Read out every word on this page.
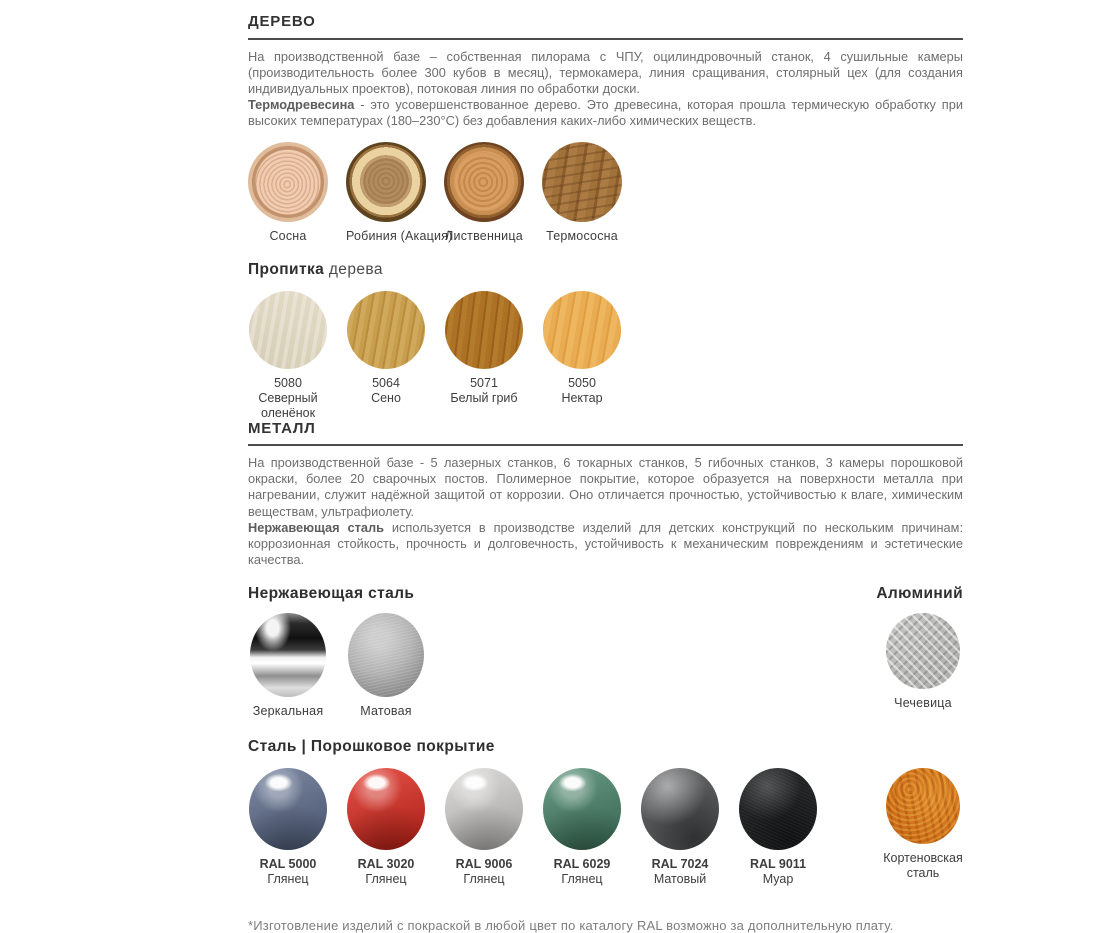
ДЕРЕВО

На производственной базе – собственная пилорама с ЧПУ, оцилиндровочный станок, 4 сушильные камеры (производительность более 300 кубов в месяц), термокамера, линия сращивания, столярный цех (для создания индивидуальных проектов), потоковая линия по обработки доски.

Термодревесина - это усовершенствованное дерево. Это древесина, которая прошла термическую обработку при высоких температурах (180–230°С) без добавления каких-либо химических веществ.

Сосна	Робиния (Акация)
Лиственница	Термососна
Пропитка дерева
5080
Северный оленёнок
5064
Сено
5071
Белый гриб
5050
Нектар
МЕТАЛЛ

На производственной базе - 5 лазерных станков, 6 токарных станков, 5 гибочных станков, 3 камеры порошковой окраски, более 20 сварочных постов. Полимерное покрытие, которое образуется на поверхности металла при нагревании, служит надёжной защитой от коррозии. Оно отличается прочностью, устойчивостью к влаге, химическим веществам, ультрафиолету.

Нержавеющая сталь используется в производстве изделий для детских конструкций по нескольким причинам: коррозионная стойкость, прочность и долговечность, устойчивость к механическим повреждениям и эстетические качества.

Нержавеющая сталь	Алюминий
Зеркальная	Матовая
Чечевица
Сталь | Порошковое покрытие
RAL 5000
Глянец
RAL 3020
Глянец
RAL 9006
Глянец
RAL 6029
Глянец
RAL 7024
Матовый
RAL 9011
Муар
Кортеновская сталь
*Изготовление изделий с покраской в любой цвет по каталогу RAL возможно за дополнительную плату.
